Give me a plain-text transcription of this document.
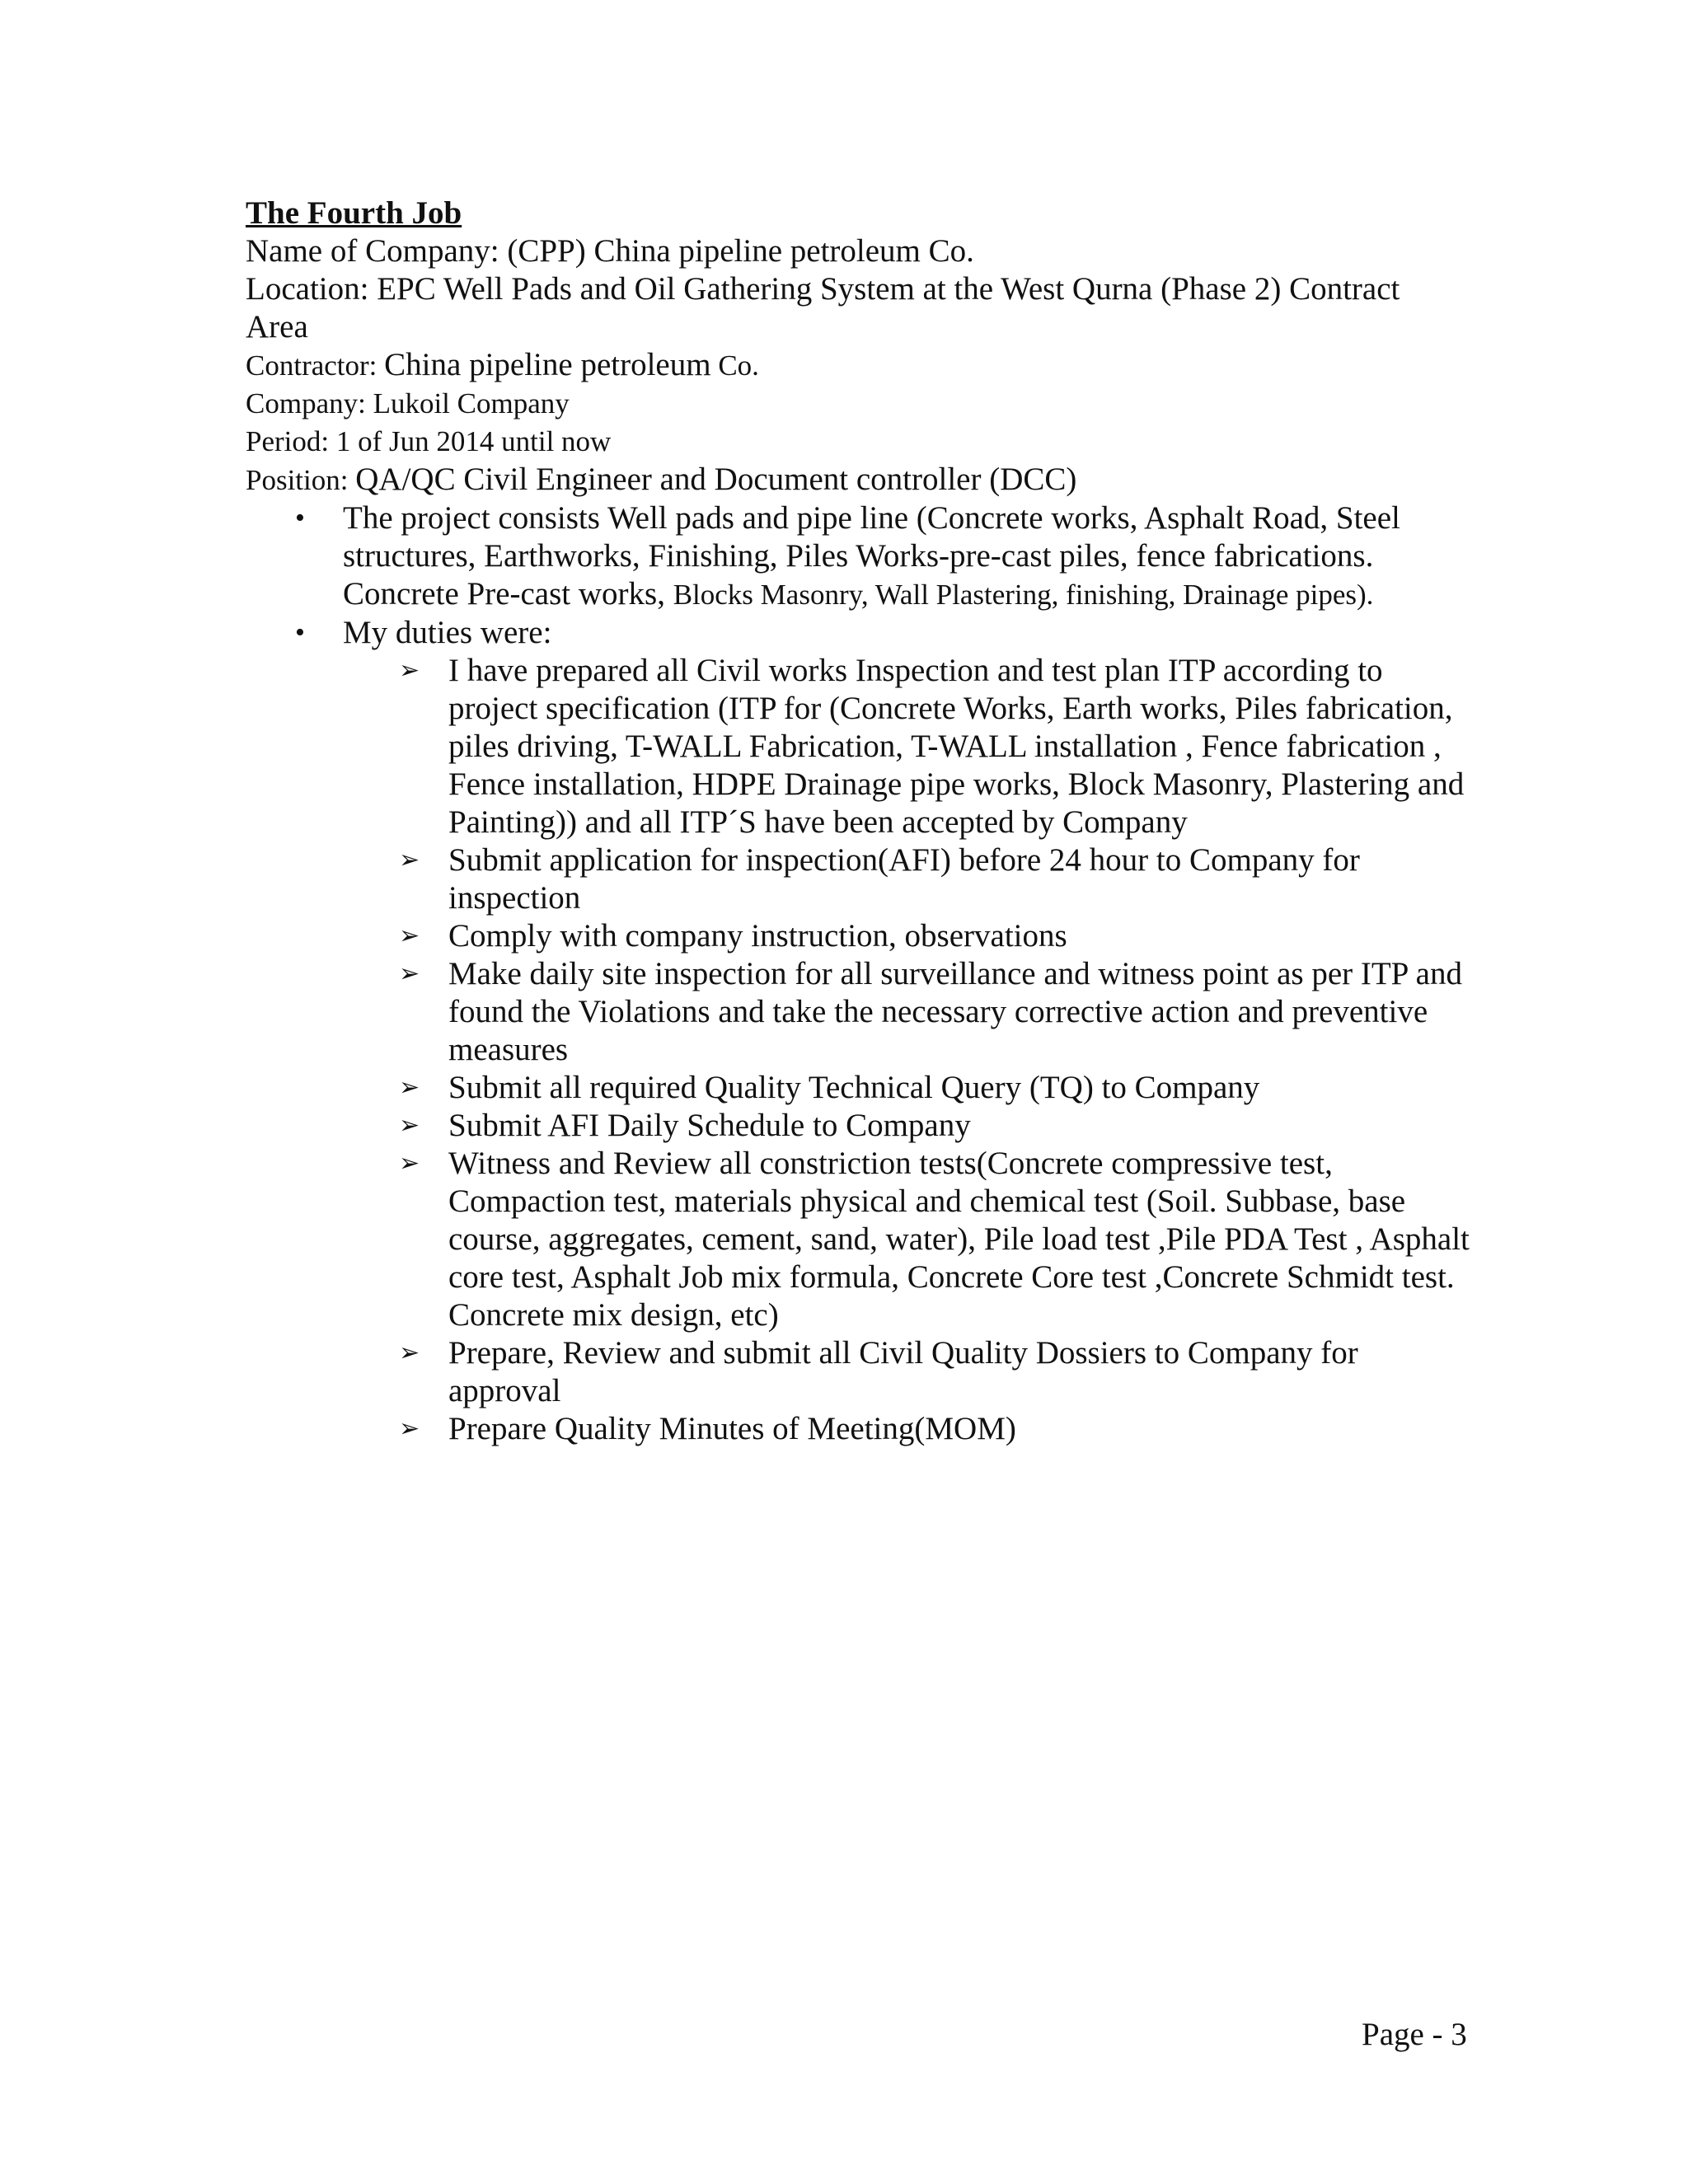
The Fourth Job
Name of Company: (CPP) China pipeline petroleum Co.
Location: EPC Well Pads and Oil Gathering System at the West Qurna (Phase 2) Contract Area
Contractor: China pipeline petroleum Co.
Company: Lukoil Company
Period: 1 of Jun 2014 until now
Position: QA/QC Civil Engineer and Document controller (DCC)
• The project consists Well pads and pipe line (Concrete works, Asphalt Road, Steel structures, Earthworks, Finishing, Piles Works-pre-cast piles, fence fabrications. Concrete Pre-cast works, Blocks Masonry, Wall Plastering, finishing, Drainage pipes).
• My duties were:
➢ I have prepared all Civil works Inspection and test plan ITP according to project specification (ITP for (Concrete Works, Earth works, Piles fabrication, piles driving, T-WALL Fabrication, T-WALL installation , Fence fabrication , Fence installation, HDPE Drainage pipe works, Block Masonry, Plastering and Painting)) and all ITP´S have been accepted by Company
➢ Submit application for inspection(AFI) before 24 hour to Company for inspection
➢ Comply with company instruction, observations
➢ Make daily site inspection for all surveillance and witness point as per ITP and found the Violations and take the necessary corrective action and preventive measures
➢ Submit all required Quality Technical Query (TQ) to Company
➢ Submit AFI Daily Schedule to Company
➢ Witness and Review all constriction tests(Concrete compressive test, Compaction test, materials physical and chemical test (Soil. Subbase, base course, aggregates, cement, sand, water), Pile load test ,Pile PDA Test , Asphalt core test, Asphalt Job mix formula, Concrete Core test ,Concrete Schmidt test. Concrete mix design, etc)
➢ Prepare, Review and submit all Civil Quality Dossiers to Company for approval
➢ Prepare Quality Minutes of Meeting(MOM)
Page - 3
